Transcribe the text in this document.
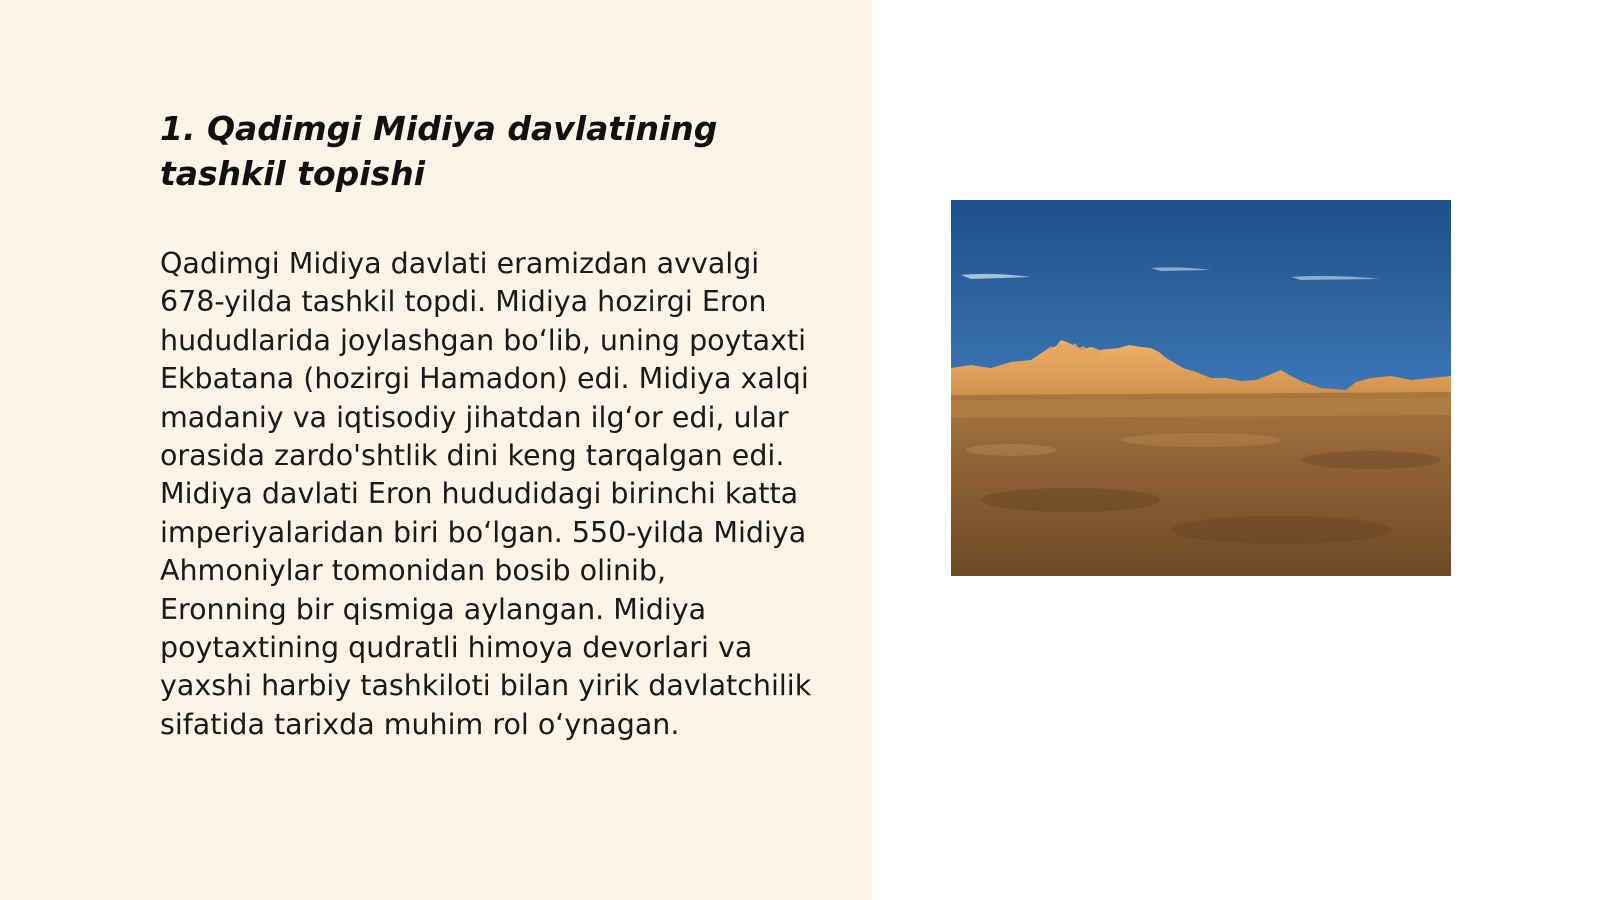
1. Qadimgi Midiya davlatining tashkil topishi

Qadimgi Midiya davlati eramizdan avvalgi
678-yilda tashkil topdi. Midiya hozirgi Eron
hududlarida joylashgan bo‘lib, uning poytaxti
Ekbatana (hozirgi Hamadon) edi. Midiya xalqi
madaniy va iqtisodiy jihatdan ilg‘or edi, ular
orasida zardo'shtlik dini keng tarqalgan edi.
Midiya davlati Eron hududidagi birinchi katta
imperiyalaridan biri bo‘lgan. 550-yilda Midiya
Ahmoniylar tomonidan bosib olinib,
Eronning bir qismiga aylangan. Midiya
poytaxtining qudratli himoya devorlari va
yaxshi harbiy tashkiloti bilan yirik davlatchilik
sifatida tarixda muhim rol o‘ynagan.
